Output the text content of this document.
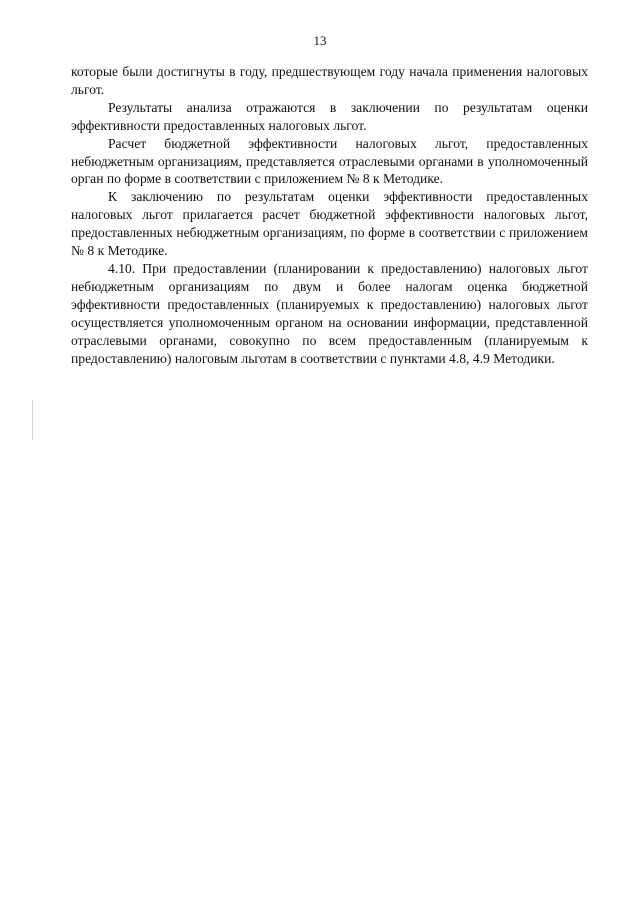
13

которые были достигнуты в году, предшествующем году начала применения налоговых льгот.

Результаты анализа отражаются в заключении по результатам оценки эффективности предоставленных налоговых льгот.

Расчет бюджетной эффективности налоговых льгот, предоставленных небюджетным организациям, представляется отраслевыми органами в уполномоченный орган по форме в соответствии с приложением № 8 к Методике.

К заключению по результатам оценки эффективности предоставленных налоговых льгот прилагается расчет бюджетной эффективности налоговых льгот, предоставленных небюджетным организациям, по форме в соответствии с приложением № 8 к Методике.

4.10. При предоставлении (планировании к предоставлению) налоговых льгот небюджетным организациям по двум и более налогам оценка бюджетной эффективности предоставленных (планируемых к предоставлению) налоговых льгот осуществляется уполномоченным органом на основании информации, представленной отраслевыми органами, совокупно по всем предоставленным (планируемым к предоставлению) налоговым льготам в соответствии с пунктами 4.8, 4.9 Методики.
